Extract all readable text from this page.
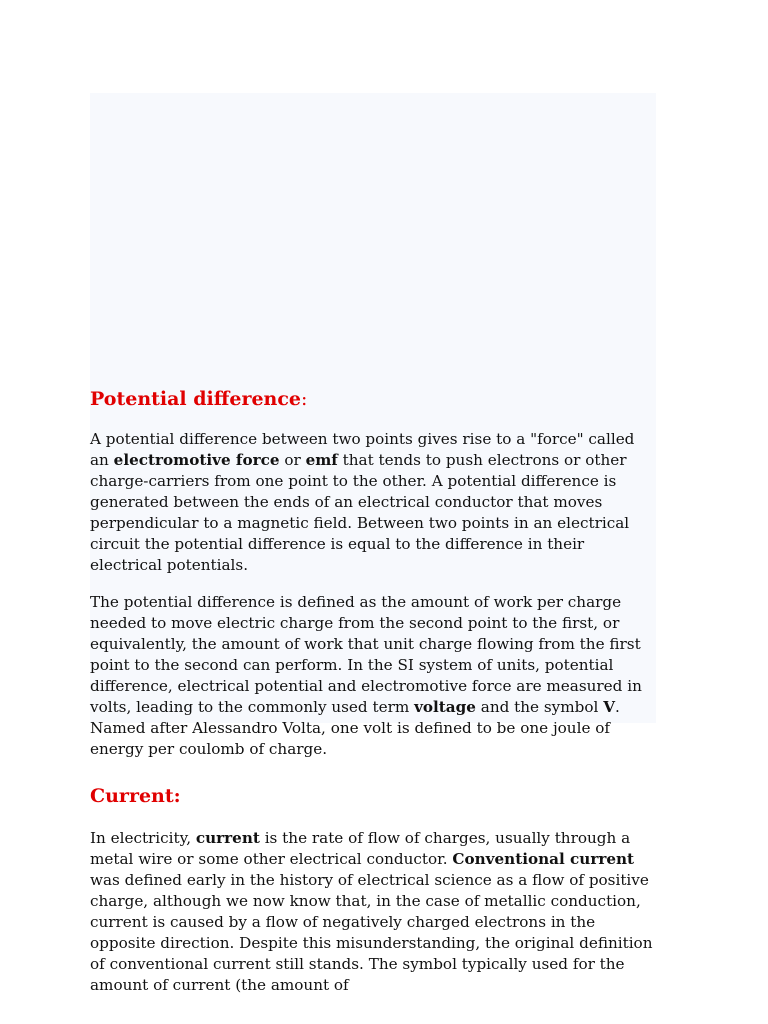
Potential difference:

A potential difference between two points gives rise to a "force" called an electromotive force or emf that tends to push electrons or other charge-carriers from one point to the other. A potential difference is generated between the ends of an electrical conductor that moves perpendicular to a magnetic field. Between two points in an electrical circuit the potential difference is equal to the difference in their electrical potentials.

The potential difference is defined as the amount of work per charge needed to move electric charge from the second point to the first, or equivalently, the amount of work that unit charge flowing from the first point to the second can perform. In the SI system of units, potential difference, electrical potential and electromotive force are measured in volts, leading to the commonly used term voltage and the symbol V. Named after Alessandro Volta, one volt is defined to be one joule of energy per coulomb of charge.

Current:

In electricity, current is the rate of flow of charges, usually through a metal wire or some other electrical conductor. Conventional current was defined early in the history of electrical science as a flow of positive charge, although we now know that, in the case of metallic conduction, current is caused by a flow of negatively charged electrons in the opposite direction. Despite this misunderstanding, the original definition of conventional current still stands. The symbol typically used for the amount of current (the amount of
